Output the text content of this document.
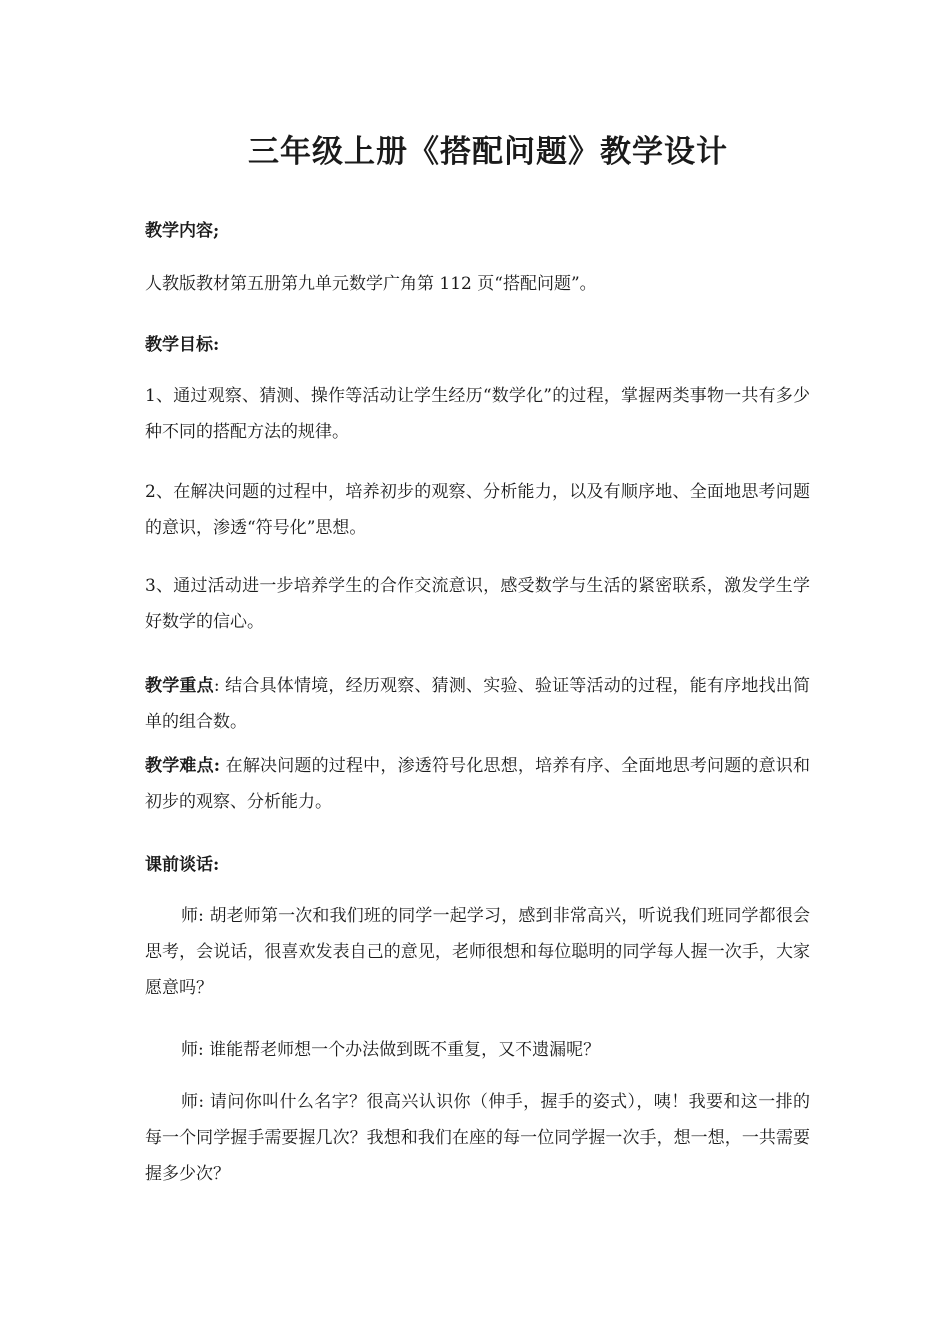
三年级上册《搭配问题》教学设计

教学内容;

人教版教材第五册第九单元数学广角第 112 页“搭配问题”。

教学目标:

1、通过观察、猜测、操作等活动让学生经历“数学化”的过程，掌握两类事物一共有多少种不同的搭配方法的规律。

2、在解决问题的过程中，培养初步的观察、分析能力，以及有顺序地、全面地思考问题的意识，渗透“符号化”思想。

3、通过活动进一步培养学生的合作交流意识，感受数学与生活的紧密联系，激发学生学好数学的信心。

教学重点: 结合具体情境，经历观察、猜测、实验、验证等活动的过程，能有序地找出简单的组合数。

教学难点: 在解决问题的过程中，渗透符号化思想，培养有序、全面地思考问题的意识和初步的观察、分析能力。

课前谈话:

师: 胡老师第一次和我们班的同学一起学习，感到非常高兴，听说我们班同学都很会思考，会说话，很喜欢发表自己的意见，老师很想和每位聪明的同学每人握一次手，大家愿意吗？

师: 谁能帮老师想一个办法做到既不重复，又不遗漏呢？

师: 请问你叫什么名字？很高兴认识你（伸手，握手的姿式），咦！我要和这一排的每一个同学握手需要握几次？我想和我们在座的每一位同学握一次手，想一想，一共需要握多少次？
